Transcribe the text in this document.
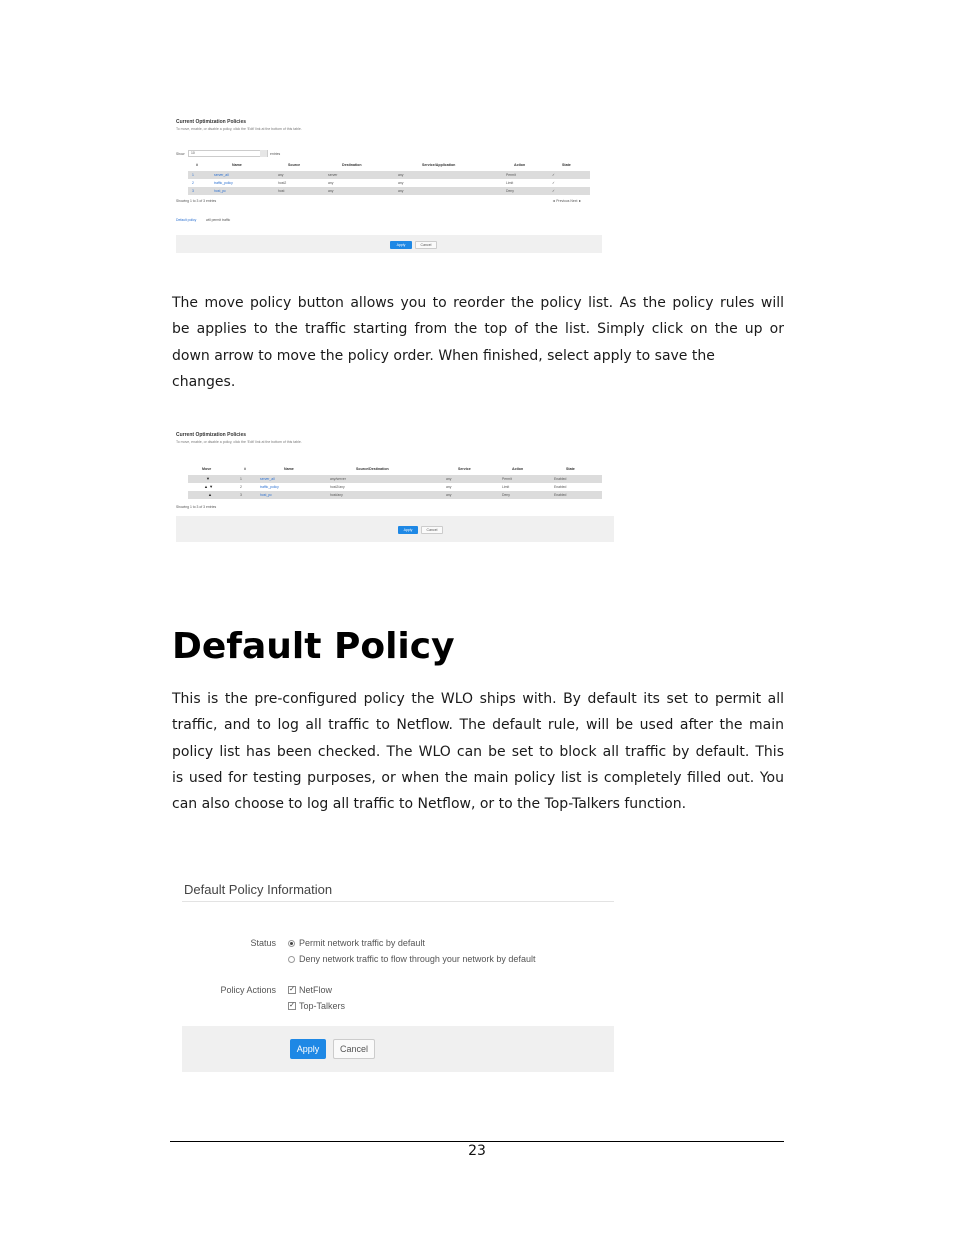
Current Optimization Policies
To move, enable, or disable a policy, click the 'Edit' link at the bottom of this table.
Show	10	entries
#	Name	Source	Destination	Service/Application	Action	State
1	server_all	any	server	any	Permit	✓
2	traffic_policy	host2	any	any	Limit	✓
3	host_pc	host	any	any	Deny	✓
Showing 1 to 3 of 3 entries	◄ Previous Next ►
Default policy	will permit traffic
Apply	Cancel
The move policy button allows you to reorder the policy list. As the policy rules will
be applies to the traffic starting from the top of the list. Simply click on the up or
down arrow to move the policy order. When finished, select apply to save the
changes.
Current Optimization Policies
To move, enable, or disable a policy, click the 'Edit' link at the bottom of this table.
Move	#	Name	Source/Destination	Service	Action	State
▼	1	server_all	any/server	any	Permit	Enabled
▲ ▼	2	traffic_policy	host2/any	any	Limit	Enabled
▲	3	host_pc	host/any	any	Deny	Enabled
Showing 1 to 3 of 3 entries
Apply	Cancel
Default Policy
This is the pre-configured policy the WLO ships with. By default its set to permit all
traffic, and to log all traffic to Netflow. The default rule, will be used after the main
policy list has been checked. The WLO can be set to block all traffic by default. This
is used for testing purposes, or when the main policy list is completely filled out. You
can also choose to log all traffic to Netflow, or to the Top-Talkers function.
Default Policy Information
Status	Permit network traffic by default
Deny network traffic to flow through your network by default
Policy Actions ✓ NetFlow
✓ Top-Talkers
Apply	Cancel
23
